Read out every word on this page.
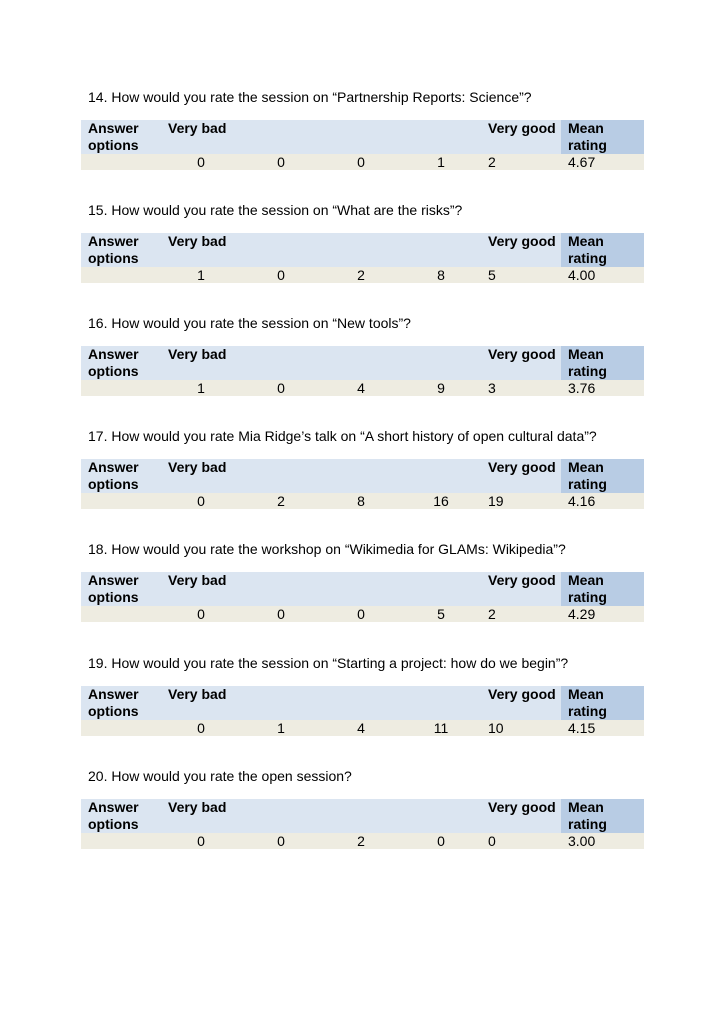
14. How would you rate the session on “Partnership Reports: Science”?
Answer options	Very bad				Very good	Mean rating
	0	0	0	1	2	4.67
15. How would you rate the session on “What are the risks”?
Answer options	Very bad				Very good	Mean rating
	1	0	2	8	5	4.00
16. How would you rate the session on “New tools”?
Answer options	Very bad				Very good	Mean rating
	1	0	4	9	3	3.76
17. How would you rate Mia Ridge’s talk on “A short history of open cultural data”?
Answer options	Very bad				Very good	Mean rating
	0	2	8	16	19	4.16
18. How would you rate the workshop on “Wikimedia for GLAMs: Wikipedia”?
Answer options	Very bad				Very good	Mean rating
	0	0	0	5	2	4.29
19. How would you rate the session on “Starting a project: how do we begin”?
Answer options	Very bad				Very good	Mean rating
	0	1	4	11	10	4.15
20. How would you rate the open session?
Answer options	Very bad				Very good	Mean rating
	0	0	2	0	0	3.00
